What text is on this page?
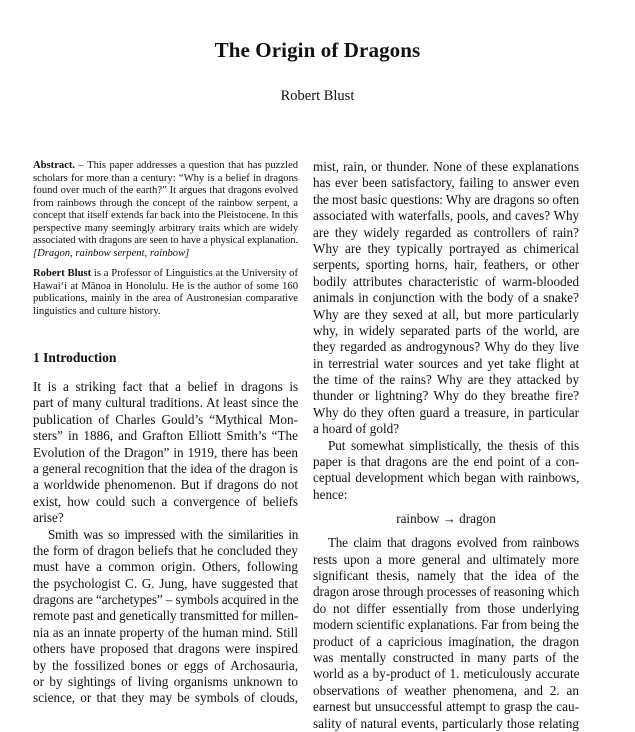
The Origin of Dragons
Robert Blust
Abstract. – This paper addresses a question that has puzzled
scholars for more than a century: “Why is a belief in dragons
found over much of the earth?” It argues that dragons evolved
from rainbows through the concept of the rainbow serpent, a
concept that itself extends far back into the Pleistocene. In this
perspective many seemingly arbitrary traits which are widely
associated with dragons are seen to have a physical explanation.
[Dragon, rainbow serpent, rainbow]
Robert Blust is a Professor of Linguistics at the University of
Hawai‘i at Mānoa in Honolulu. He is the author of some 160
publications, mainly in the area of Austronesian comparative
linguistics and culture history.
1 Introduction
It is a striking fact that a belief in dragons is
part of many cultural traditions. At least since the
publication of Charles Gould’s “Mythical Mon-
sters” in 1886, and Grafton Elliott Smith’s “The
Evolution of the Dragon” in 1919, there has been
a general recognition that the idea of the dragon is
a worldwide phenomenon. But if dragons do not
exist, how could such a convergence of beliefs
arise?
Smith was so impressed with the similarities in
the form of dragon beliefs that he concluded they
must have a common origin. Others, following
the psychologist C. G. Jung, have suggested that
dragons are “archetypes” – symbols acquired in the
remote past and genetically transmitted for millen-
nia as an innate property of the human mind. Still
others have proposed that dragons were inspired
by the fossilized bones or eggs of Archosauria,
or by sightings of living organisms unknown to
science, or that they may be symbols of clouds,
mist, rain, or thunder. None of these explanations
has ever been satisfactory, failing to answer even
the most basic questions: Why are dragons so often
associated with waterfalls, pools, and caves? Why
are they widely regarded as controllers of rain?
Why are they typically portrayed as chimerical
serpents, sporting horns, hair, feathers, or other
bodily attributes characteristic of warm-blooded
animals in conjunction with the body of a snake?
Why are they sexed at all, but more particularly
why, in widely separated parts of the world, are
they regarded as androgynous? Why do they live
in terrestrial water sources and yet take flight at
the time of the rains? Why are they attacked by
thunder or lightning? Why do they breathe fire?
Why do they often guard a treasure, in particular
a hoard of gold?
Put somewhat simplistically, the thesis of this
paper is that dragons are the end point of a con-
ceptual development which began with rainbows,
hence:
rainbow → dragon
The claim that dragons evolved from rainbows
rests upon a more general and ultimately more
significant thesis, namely that the idea of the
dragon arose through processes of reasoning which
do not differ essentially from those underlying
modern scientific explanations. Far from being the
product of a capricious imagination, the dragon
was mentally constructed in many parts of the
world as a by-product of 1. meticulously accurate
observations of weather phenomena, and 2. an
earnest but unsuccessful attempt to grasp the cau-
sality of natural events, particularly those relating
